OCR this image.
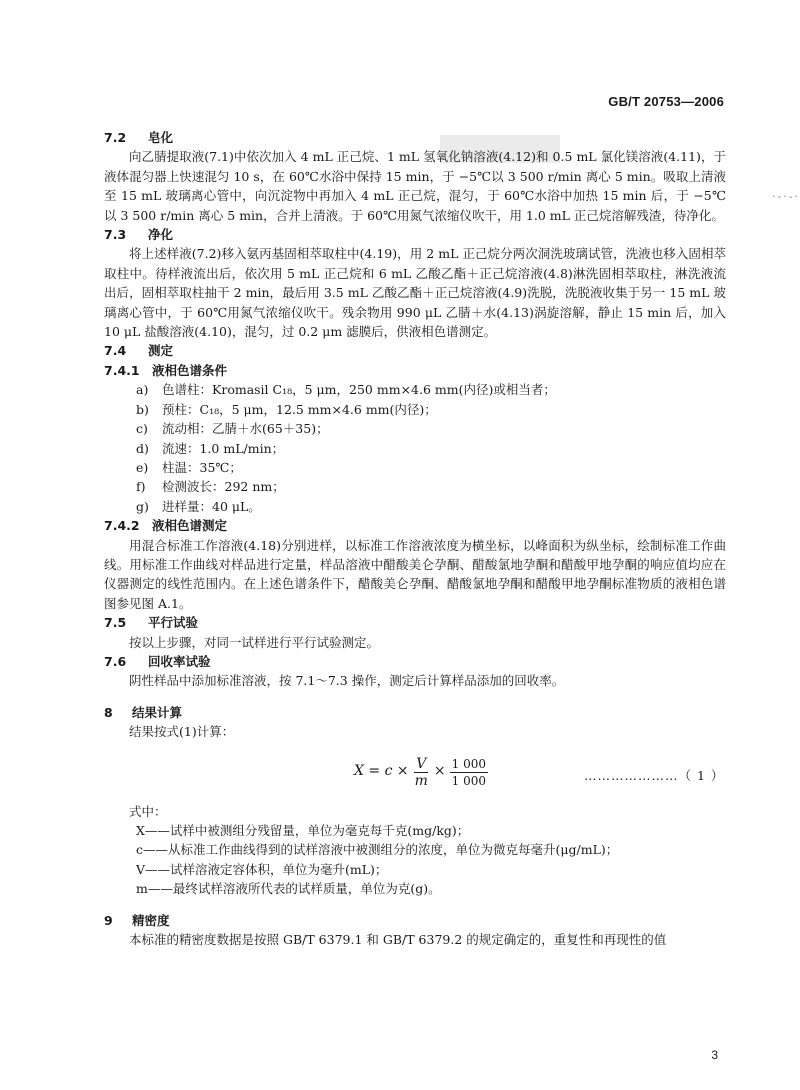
GB/T 20753—2006
·-·-·
7.2 皂化

向乙腈提取液(7.1)中依次加入 4 mL 正己烷、1 mL 氢氧化钠溶液(4.12)和 0.5 mL 氯化镁溶液(4.11)，于液体混匀器上快速混匀 10 s，在 60℃水浴中保持 15 min，于 −5℃以 3 500 r/min 离心 5 min。吸取上清液至 15 mL 玻璃离心管中，向沉淀物中再加入 4 mL 正己烷，混匀，于 60℃水浴中加热 15 min 后，于 −5℃以 3 500 r/min 离心 5 min，合并上清液。于 60℃用氮气浓缩仪吹干，用 1.0 mL 正己烷溶解残渣，待净化。

7.3 净化

将上述样液(7.2)移入氨丙基固相萃取柱中(4.19)，用 2 mL 正己烷分两次洞洗玻璃试管，洗液也移入固相萃取柱中。待样液流出后，依次用 5 mL 正己烷和 6 mL 乙酸乙酯＋正己烷溶液(4.8)淋洗固相萃取柱，淋洗液流出后，固相萃取柱抽干 2 min，最后用 3.5 mL 乙酸乙酯＋正己烷溶液(4.9)洗脱，洗脱液收集于另一 15 mL 玻璃离心管中，于 60℃用氮气浓缩仪吹干。残余物用 990 μL 乙腈＋水(4.13)涡旋溶解，静止 15 min 后，加入 10 μL 盐酸溶液(4.10)，混匀，过 0.2 μm 滤膜后，供液相色谱测定。

7.4 测定
7.4.1 液相色谱条件
a) 色谱柱：Kromasil C₁₈，5 μm，250 mm×4.6 mm(内径)或相当者；
b) 预柱：C₁₈，5 μm，12.5 mm×4.6 mm(内径)；
c) 流动相：乙腈＋水(65＋35)；
d) 流速：1.0 mL/min；
e) 柱温：35℃；
f) 检测波长：292 nm；
g) 进样量：40 μL。
7.4.2 液相色谱测定

用混合标准工作溶液(4.18)分别进样，以标准工作溶液浓度为横坐标，以峰面积为纵坐标，绘制标准工作曲线。用标准工作曲线对样品进行定量，样品溶液中醋酸美仑孕酮、醋酸氯地孕酮和醋酸甲地孕酮的响应值均应在仪器测定的线性范围内。在上述色谱条件下，醋酸美仑孕酮、醋酸氯地孕酮和醋酸甲地孕酮标准物质的液相色谱图参见图 A.1。

7.5 平行试验

按以上步骤，对同一试样进行平行试验测定。

7.6 回收率试验

阴性样品中添加标准溶液，按 7.1～7.3 操作，测定后计算样品添加的回收率。

8 结果计算

结果按式(1)计算：

$X = c \times \frac{V}{m} \times \frac{1 000}{1 000}$	…………………（ 1 ）

式中：

X——试样中被测组分残留量，单位为毫克每千克(mg/kg)；

c——从标准工作曲线得到的试样溶液中被测组分的浓度，单位为微克每毫升(μg/mL)；

V——试样溶液定容体积，单位为毫升(mL)；

m——最终试样溶液所代表的试样质量，单位为克(g)。

9 精密度

本标准的精密度数据是按照 GB/T 6379.1 和 GB/T 6379.2 的规定确定的，重复性和再现性的值

3
